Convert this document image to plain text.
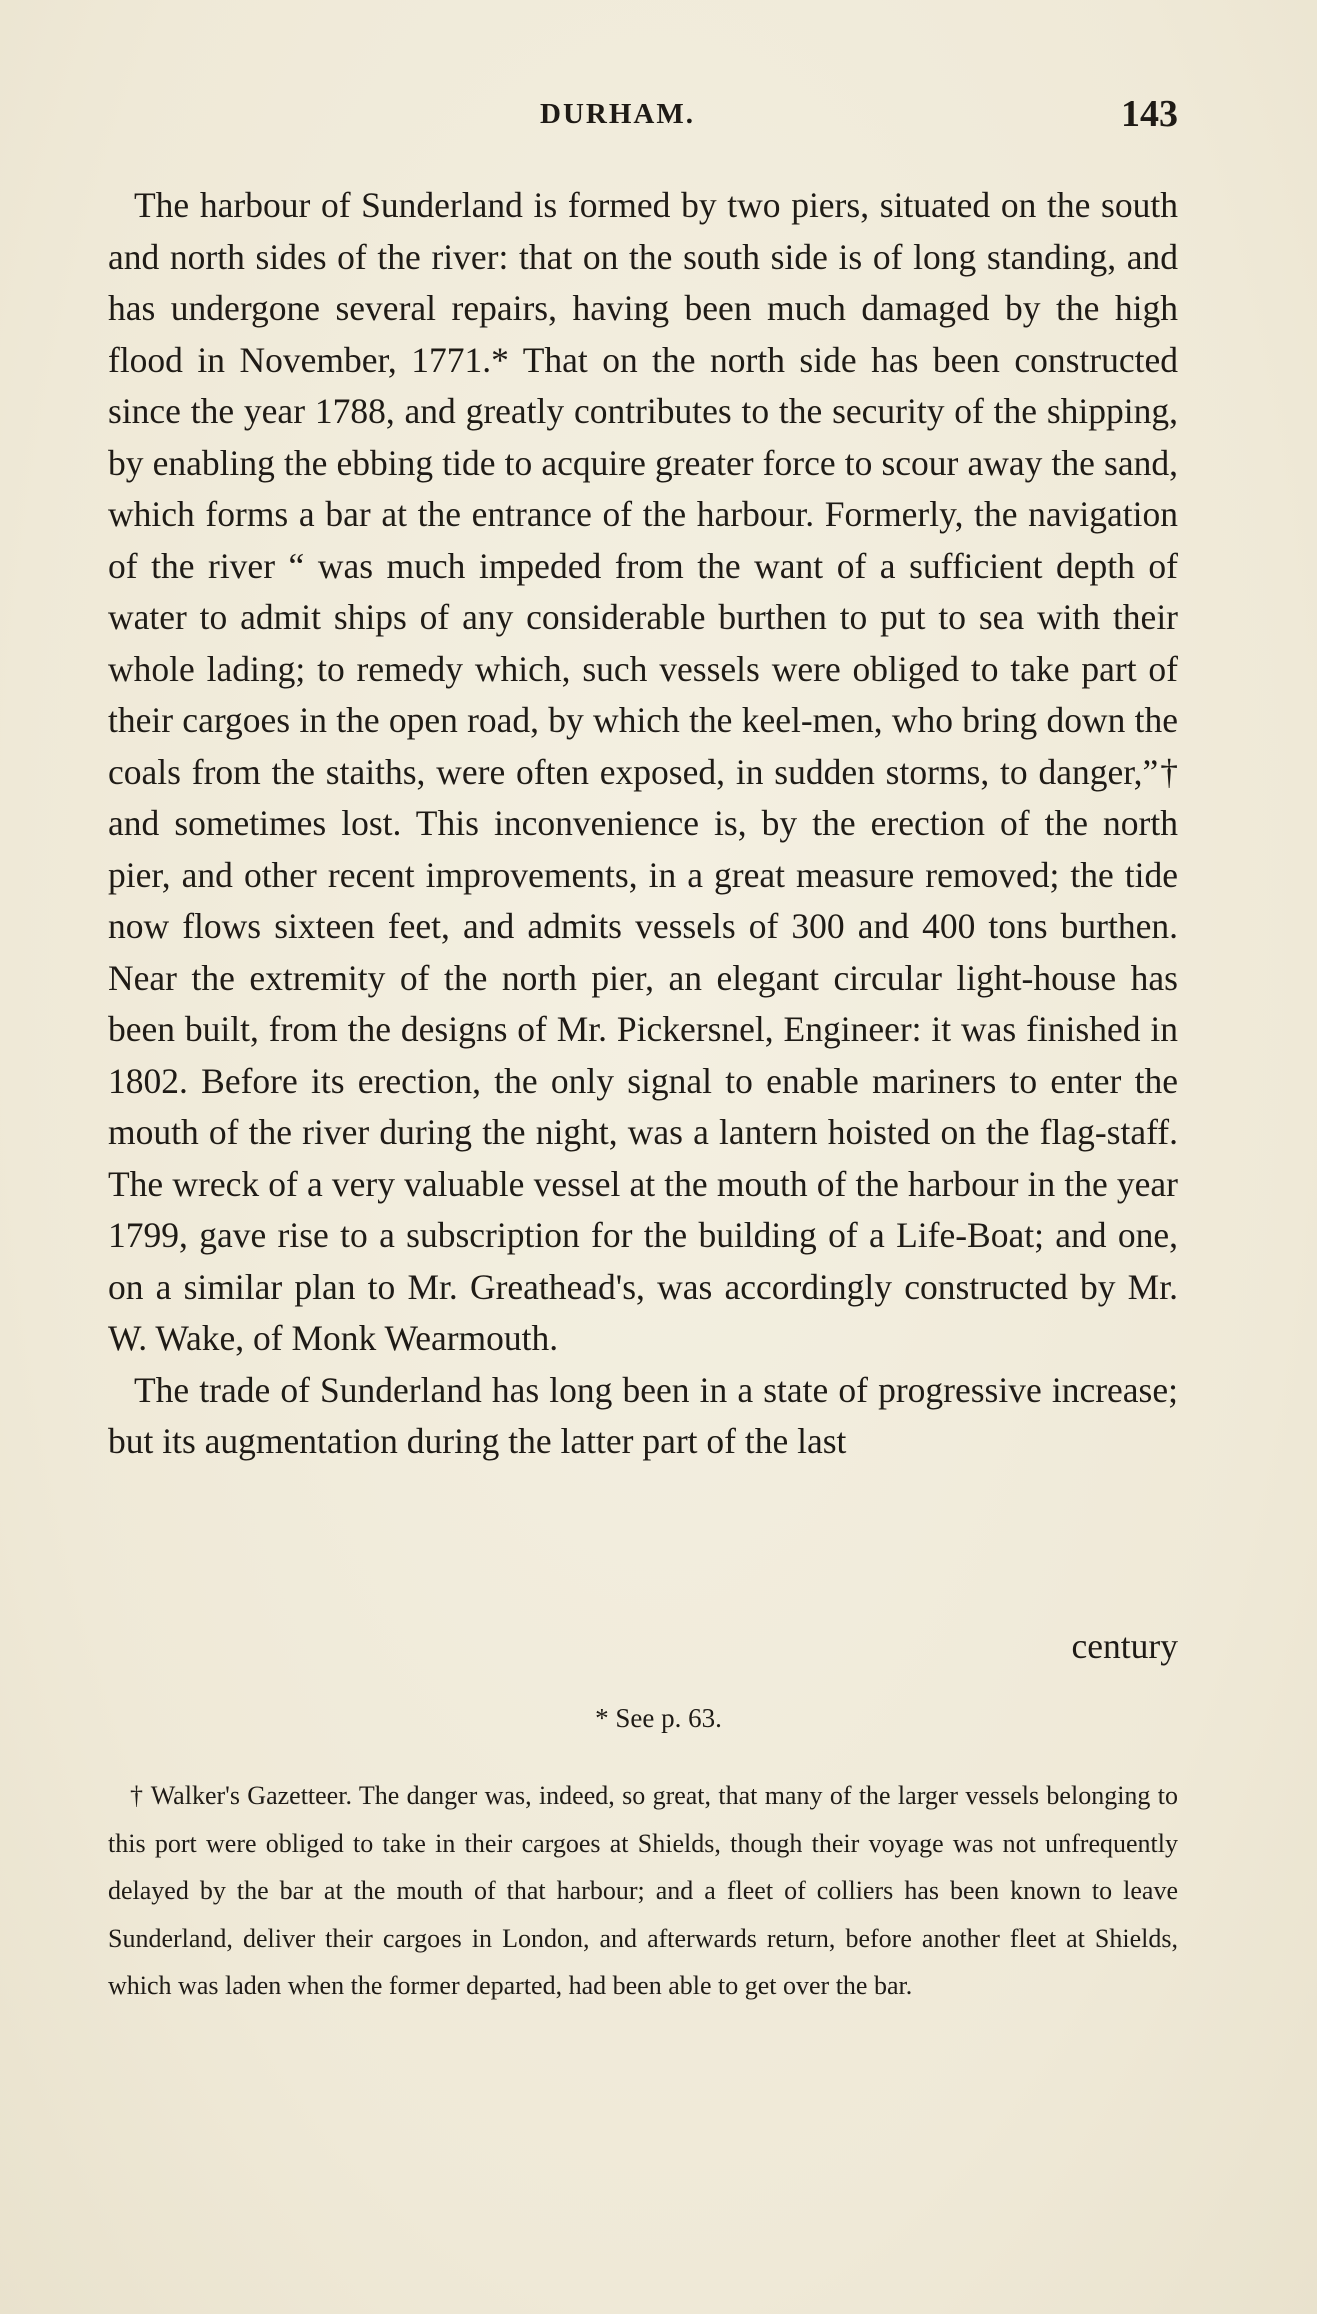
DURHAM.	143

The harbour of Sunderland is formed by two piers, situated on the south and north sides of the river: that on the south side is of long standing, and has undergone several repairs, having been much damaged by the high flood in November, 1771.* That on the north side has been constructed since the year 1788, and greatly contributes to the security of the shipping, by enabling the ebbing tide to acquire greater force to scour away the sand, which forms a bar at the entrance of the harbour. Formerly, the navigation of the river “ was much impeded from the want of a sufficient depth of water to admit ships of any considerable burthen to put to sea with their whole lading; to remedy which, such vessels were obliged to take part of their cargoes in the open road, by which the keel-men, who bring down the coals from the staiths, were often exposed, in sudden storms, to danger,”† and sometimes lost. This inconvenience is, by the erection of the north pier, and other recent improvements, in a great measure removed; the tide now flows sixteen feet, and admits vessels of 300 and 400 tons burthen. Near the extremity of the north pier, an elegant circular light-house has been built, from the designs of Mr. Pickersnel, Engineer: it was finished in 1802. Before its erection, the only signal to enable mariners to enter the mouth of the river during the night, was a lantern hoisted on the flag-staff. The wreck of a very valuable vessel at the mouth of the harbour in the year 1799, gave rise to a subscription for the building of a Life-Boat; and one, on a similar plan to Mr. Greathead's, was accordingly constructed by Mr. W. Wake, of Monk Wearmouth.

The trade of Sunderland has long been in a state of progressive increase; but its augmentation during the latter part of the last

century
* See p. 63.

† Walker's Gazetteer. The danger was, indeed, so great, that many of the larger vessels belonging to this port were obliged to take in their cargoes at Shields, though their voyage was not unfrequently delayed by the bar at the mouth of that harbour; and a fleet of colliers has been known to leave Sunderland, deliver their cargoes in London, and afterwards return, before another fleet at Shields, which was laden when the former departed, had been able to get over the bar.
